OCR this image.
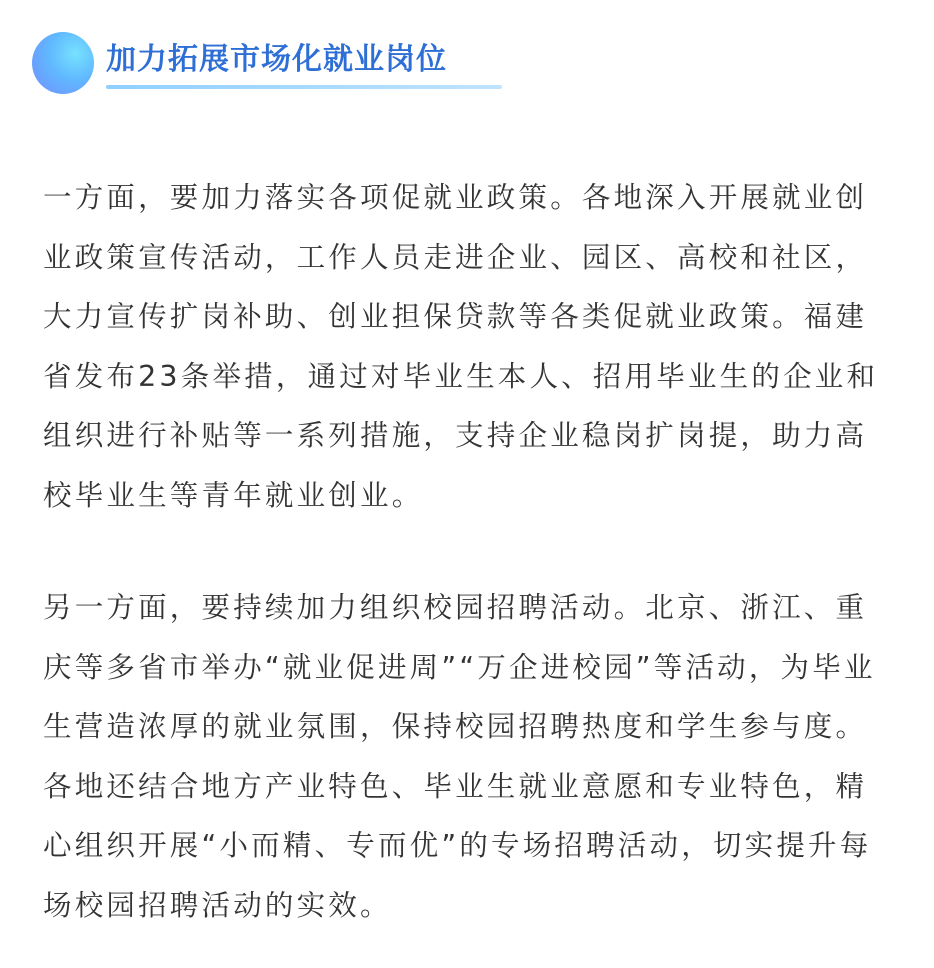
加力拓展市场化就业岗位

一方面，要加力落实各项促就业政策。各地深入开展就业创业政策宣传活动，工作人员走进企业、园区、高校和社区，大力宣传扩岗补助、创业担保贷款等各类促就业政策。福建省发布23条举措，通过对毕业生本人、招用毕业生的企业和组织进行补贴等一系列措施，支持企业稳岗扩岗提，助力高校毕业生等青年就业创业。

另一方面，要持续加力组织校园招聘活动。北京、浙江、重庆等多省市举办“就业促进周”“万企进校园”等活动，为毕业生营造浓厚的就业氛围，保持校园招聘热度和学生参与度。各地还结合地方产业特色、毕业生就业意愿和专业特色，精心组织开展“小而精、专而优”的专场招聘活动，切实提升每场校园招聘活动的实效。
